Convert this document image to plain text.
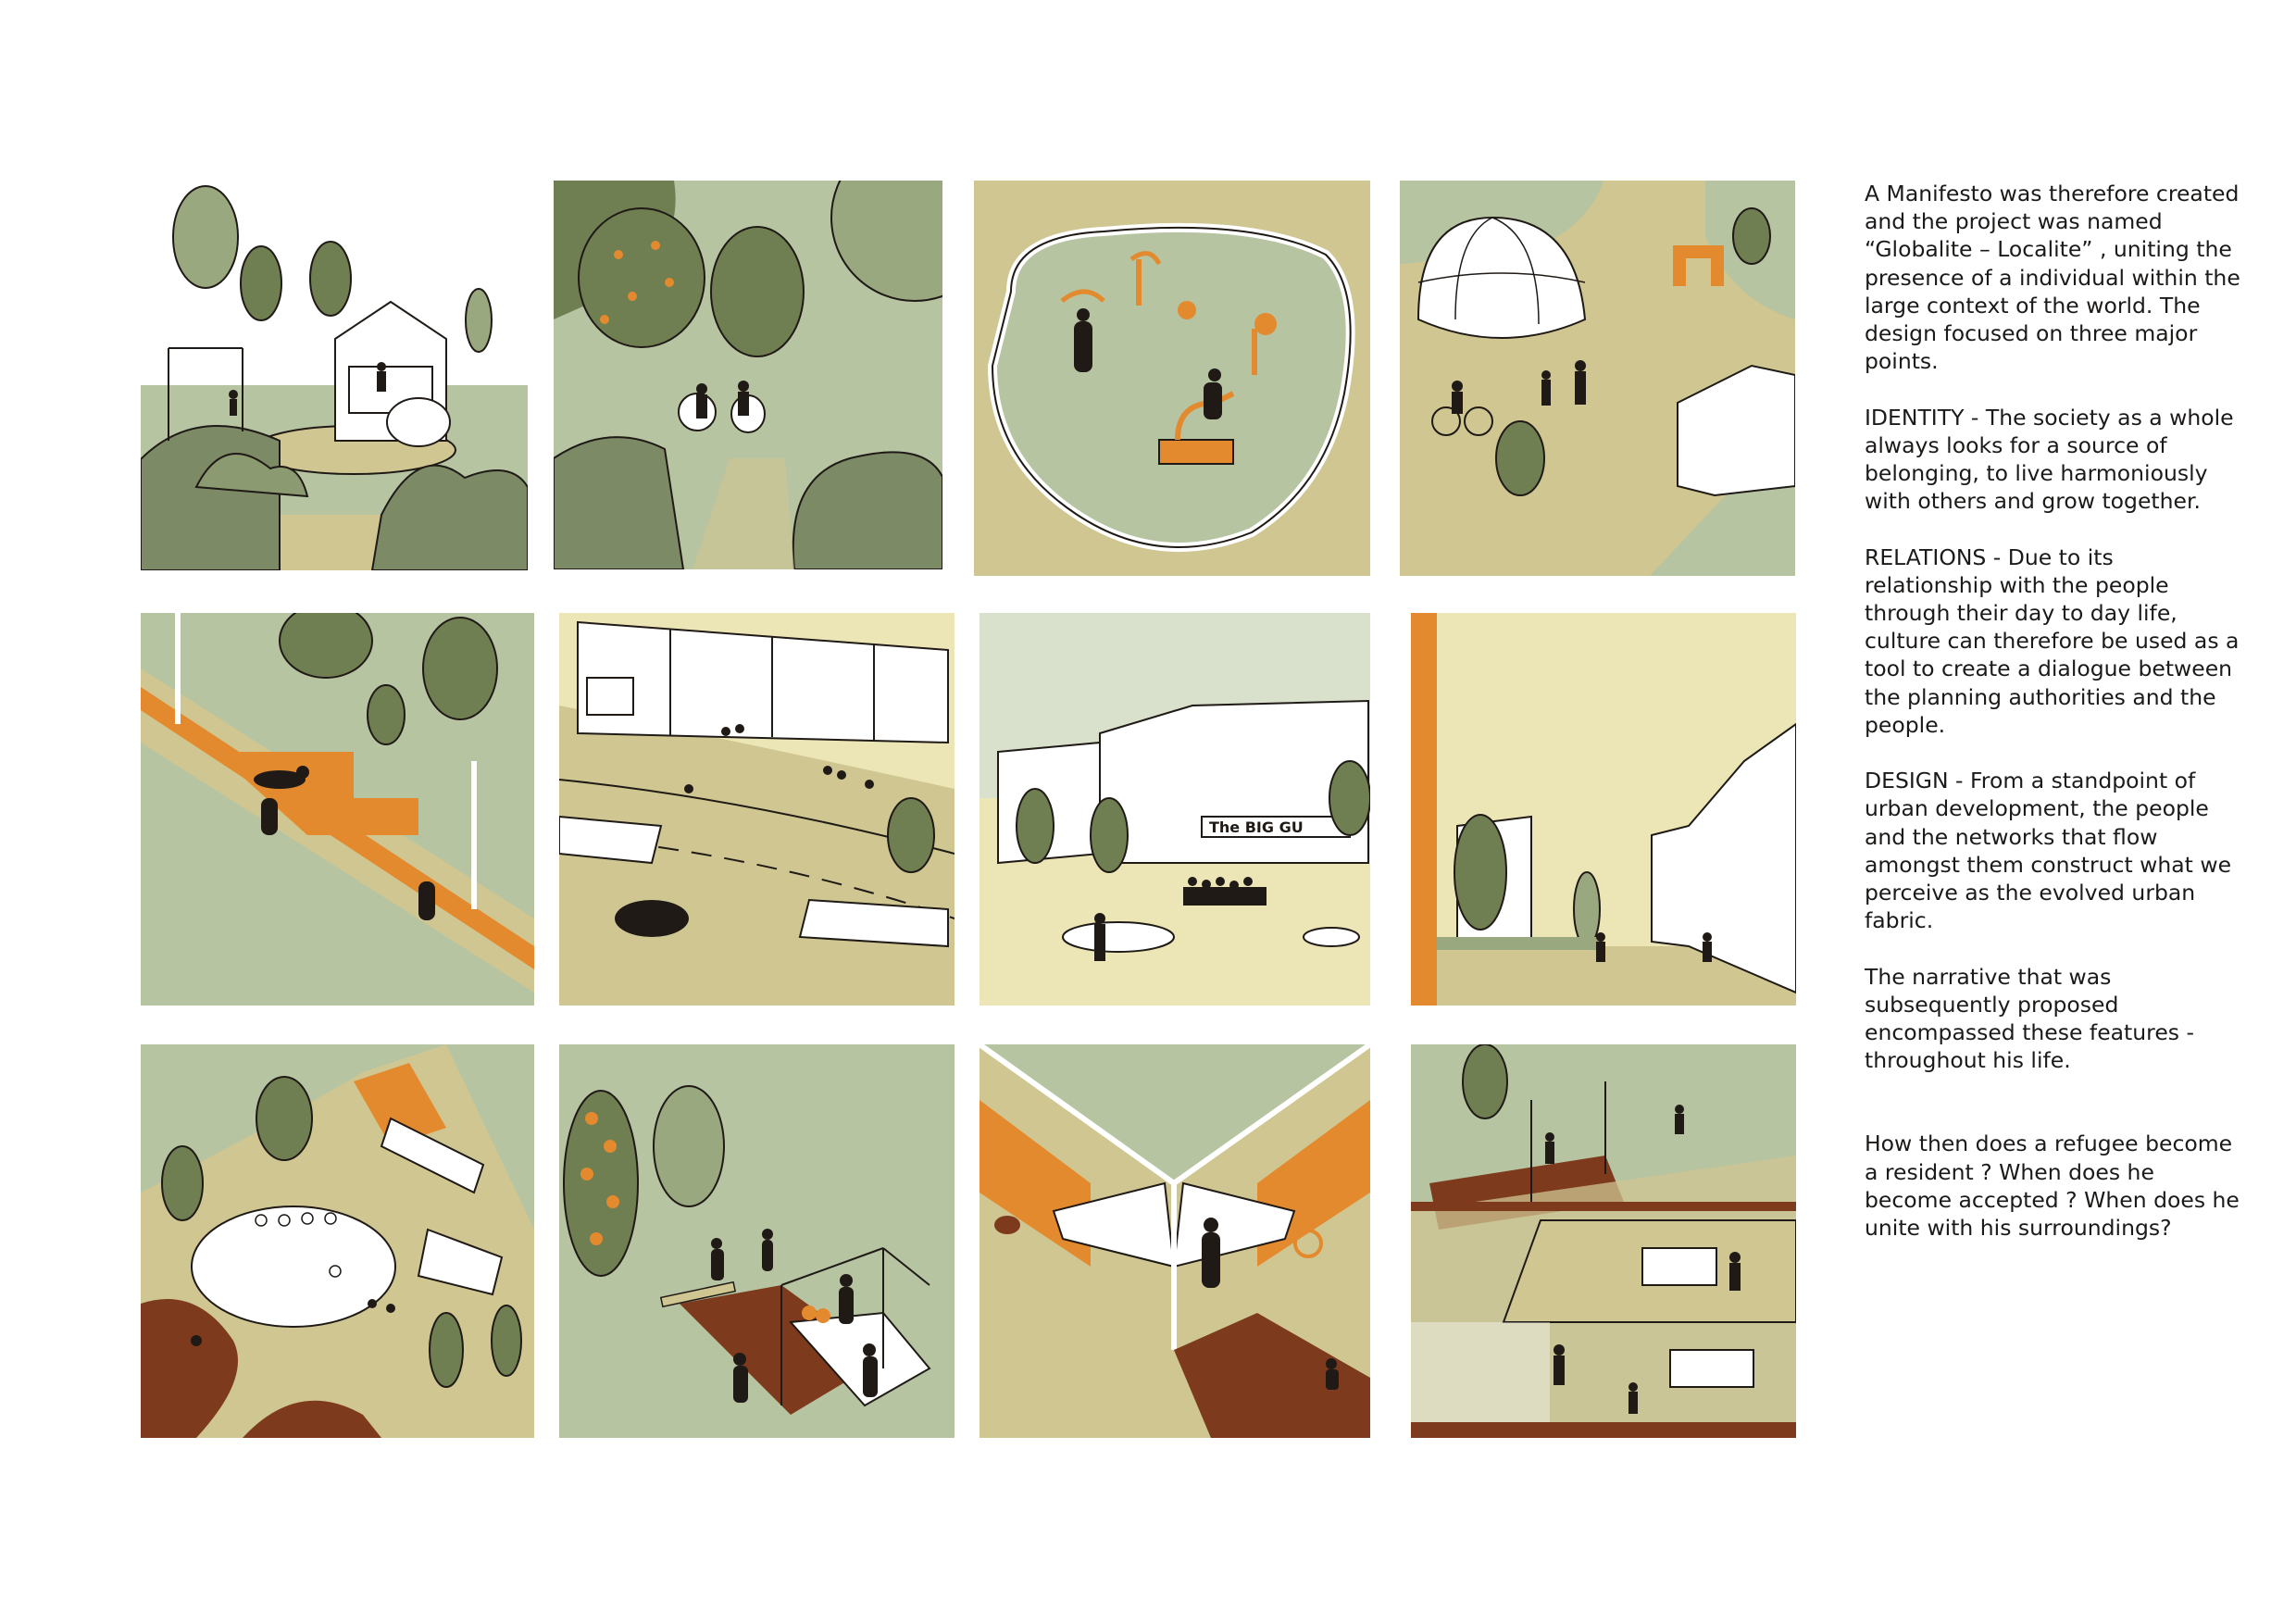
The BIG GU

A Manifesto was therefore created
and the project was named
“Globalite – Localite” , uniting the
presence of a individual within the
large context of the world. The
design focused on three major
points.

IDENTITY - The society as a whole
always looks for a source of
belonging, to live harmoniously
with others and grow together.

RELATIONS - Due to its
relationship with the people
through their day to day life,
culture can therefore be used as a
tool to create a dialogue between
the planning authorities and the
people.

DESIGN - From a standpoint of
urban development, the people
and the networks that flow
amongst them construct what we
perceive as the evolved urban
fabric.

The narrative that was
subsequently proposed
encompassed these features -
throughout his life.

How then does a refugee become
a resident ? When does he
become accepted ? When does he
unite with his surroundings?
